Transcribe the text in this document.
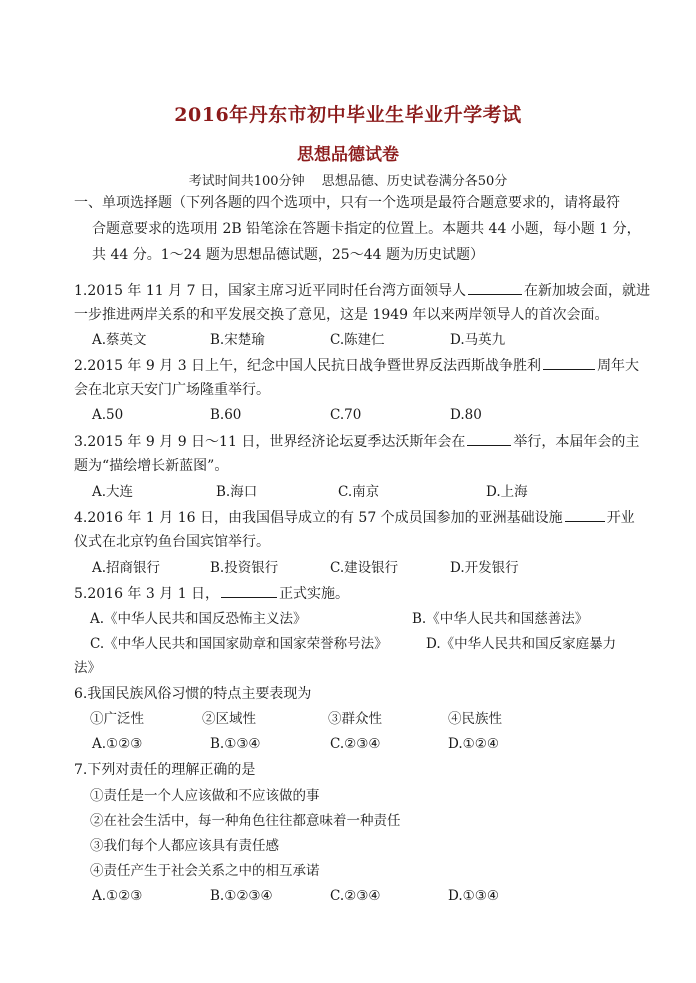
2016年丹东市初中毕业生毕业升学考试
思想品德试卷
考试时间共100分钟　 思想品德、历史试卷满分各50分
一、单项选择题（下列各题的四个选项中，只有一个选项是最符合题意要求的，请将最符
合题意要求的选项用 2B 铅笔涂在答题卡指定的位置上。本题共 44 小题，每小题 1 分，
共 44 分。1～24 题为思想品德试题，25～44 题为历史试题）
1.2015 年 11 月 7 日，国家主席习近平同时任台湾方面领导人	在新加坡会面，就进
一步推进两岸关系的和平发展交换了意见，这是 1949 年以来两岸领导人的首次会面。
A.蔡英文	B.宋楚瑜	C.陈建仁	D.马英九
2.2015 年 9 月 3 日上午，纪念中国人民抗日战争暨世界反法西斯战争胜利	周年大
会在北京天安门广场隆重举行。
A.50	B.60	C.70	D.80
3.2015 年 9 月 9 日～11 日，世界经济论坛夏季达沃斯年会在	举行，本届年会的主
题为“描绘增长新蓝图”。
A.大连	B.海口	C.南京	D.上海
4.2016 年 1 月 16 日，由我国倡导成立的有 57 个成员国参加的亚洲基础设施	开业
仪式在北京钓鱼台国宾馆举行。
A.招商银行	B.投资银行	C.建设银行	D.开发银行
5.2016 年 3 月 1 日，	正式实施。
A.《中华人民共和国反恐怖主义法》	B.《中华人民共和国慈善法》
C.《中华人民共和国国家勋章和国家荣誉称号法》	D.《中华人民共和国反家庭暴力
法》
6.我国民族风俗习惯的特点主要表现为
①广泛性	②区域性	③群众性	④民族性
A.①②③	B.①③④	C.②③④	D.①②④
7.下列对责任的理解正确的是
①责任是一个人应该做和不应该做的事
②在社会生活中，每一种角色往往都意味着一种责任
③我们每个人都应该具有责任感
④责任产生于社会关系之中的相互承诺
A.①②③	B.①②③④	C.②③④	D.①③④
